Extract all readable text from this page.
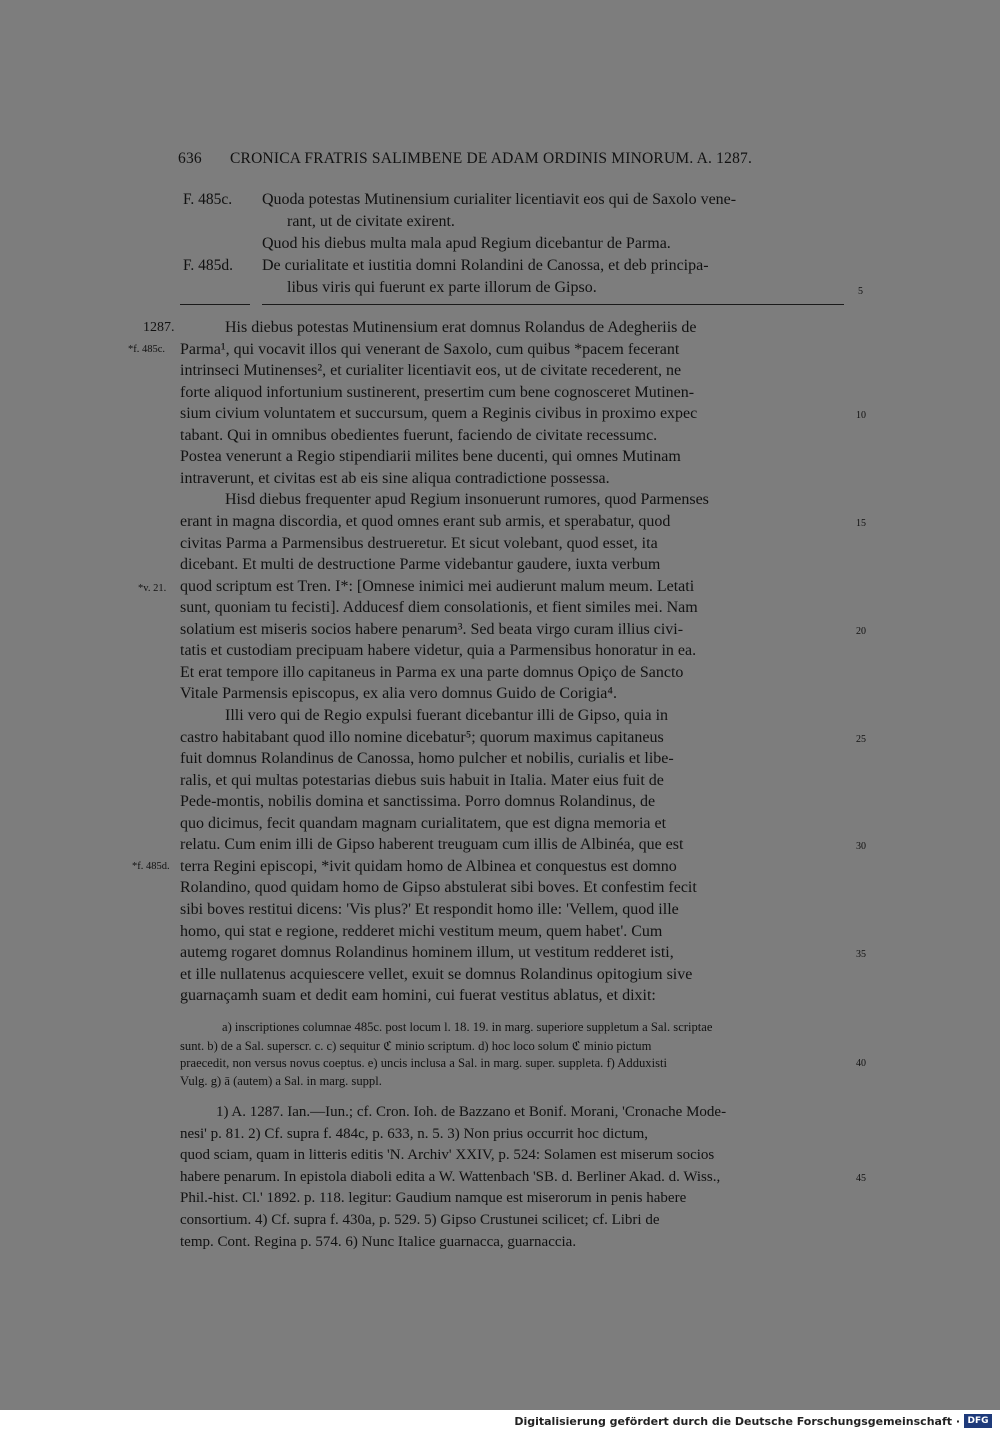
636 CRONICA FRATRIS SALIMBENE DE ADAM ORDINIS MINORUM. A. 1287.
F. 485c. Quoda potestas Mutinensium curialiter licentiavit eos qui de Saxolo vene-
rant, ut de civitate exirent.
Quod his diebus multa mala apud Regium dicebantur de Parma.
F. 485d. De curialitate et iustitia domni Rolandini de Canossa, et deb principa-
libus viris qui fuerunt ex parte illorum de Gipso.	5
1287.
*f. 485c.
*v. 21.
*f. 485d.
His diebus potestas Mutinensium erat domnus Rolandus de Adegheriis de
Parma¹, qui vocavit illos qui venerant de Saxolo, cum quibus *pacem fecerant
intrinseci Mutinenses², et curialiter licentiavit eos, ut de civitate recederent, ne
forte aliquod infortunium sustinerent, presertim cum bene cognosceret Mutinen-
sium civium voluntatem et succursum, quem a Reginis civibus in proximo expec
tabant. Qui in omnibus obedientes fuerunt, faciendo de civitate recessumc.
Postea venerunt a Regio stipendiarii milites bene ducenti, qui omnes Mutinam
intraverunt, et civitas est ab eis sine aliqua contradictione possessa.
Hisd diebus frequenter apud Regium insonuerunt rumores, quod Parmenses
erant in magna discordia, et quod omnes erant sub armis, et sperabatur, quod
civitas Parma a Parmensibus destrueretur. Et sicut volebant, quod esset, ita
dicebant. Et multi de destructione Parme videbantur gaudere, iuxta verbum
quod scriptum est Tren. I*: [Omnese inimici mei audierunt malum meum. Letati
sunt, quoniam tu fecisti]. Adducesf diem consolationis, et fient similes mei. Nam
solatium est miseris socios habere penarum³. Sed beata virgo curam illius civi-
tatis et custodiam precipuam habere videtur, quia a Parmensibus honoratur in ea.
Et erat tempore illo capitaneus in Parma ex una parte domnus Opiço de Sancto
Vitale Parmensis episcopus, ex alia vero domnus Guido de Corigia⁴.
Illi vero qui de Regio expulsi fuerant dicebantur illi de Gipso, quia in
castro habitabant quod illo nomine dicebatur⁵; quorum maximus capitaneus
fuit domnus Rolandinus de Canossa, homo pulcher et nobilis, curialis et libe-
ralis, et qui multas potestarias diebus suis habuit in Italia. Mater eius fuit de
Pede-montis, nobilis domina et sanctissima. Porro domnus Rolandinus, de
quo dicimus, fecit quandam magnam curialitatem, que est digna memoria et
relatu. Cum enim illi de Gipso haberent treuguam cum illis de Albinéa, que est
terra Regini episcopi, *ivit quidam homo de Albinea et conquestus est domno
Rolandino, quod quidam homo de Gipso abstulerat sibi boves. Et confestim fecit
sibi boves restitui dicens: 'Vis plus?' Et respondit homo ille: 'Vellem, quod ille
homo, qui stat e regione, redderet michi vestitum meum, quem habet'. Cum
autemg rogaret domnus Rolandinus hominem illum, ut vestitum redderet isti,
et ille nullatenus acquiescere vellet, exuit se domnus Rolandinus opitogium sive
guarnaçamh suam et dedit eam homini, cui fuerat vestitus ablatus, et dixit:
10
15
20
25
30
35
40
45
a) inscriptiones columnae 485c. post locum l. 18. 19. in marg. superiore suppletum a Sal. scriptae
sunt. b) de a Sal. superscr. c. c) sequitur ℭ minio scriptum. d) hoc loco solum ℭ minio pictum
praecedit, non versus novus coeptus. e) uncis inclusa a Sal. in marg. super. suppleta. f) Adduxisti
Vulg. g) ā (autem) a Sal. in marg. suppl.
1) A. 1287. Ian.—Iun.; cf. Cron. Ioh. de Bazzano et Bonif. Morani, 'Cronache Mode-
nesi' p. 81. 2) Cf. supra f. 484c, p. 633, n. 5. 3) Non prius occurrit hoc dictum,
quod sciam, quam in litteris editis 'N. Archiv' XXIV, p. 524: Solamen est miserum socios
habere penarum. In epistola diaboli edita a W. Wattenbach 'SB. d. Berliner Akad. d. Wiss.,
Phil.-hist. Cl.' 1892. p. 118. legitur: Gaudium namque est miserorum in penis habere
consortium. 4) Cf. supra f. 430a, p. 529. 5) Gipso Crustunei scilicet; cf. Libri de
temp. Cont. Regina p. 574. 6) Nunc Italice guarnacca, guarnaccia.
Digitalisierung gefördert durch die Deutsche Forschungsgemeinschaft · DFG
